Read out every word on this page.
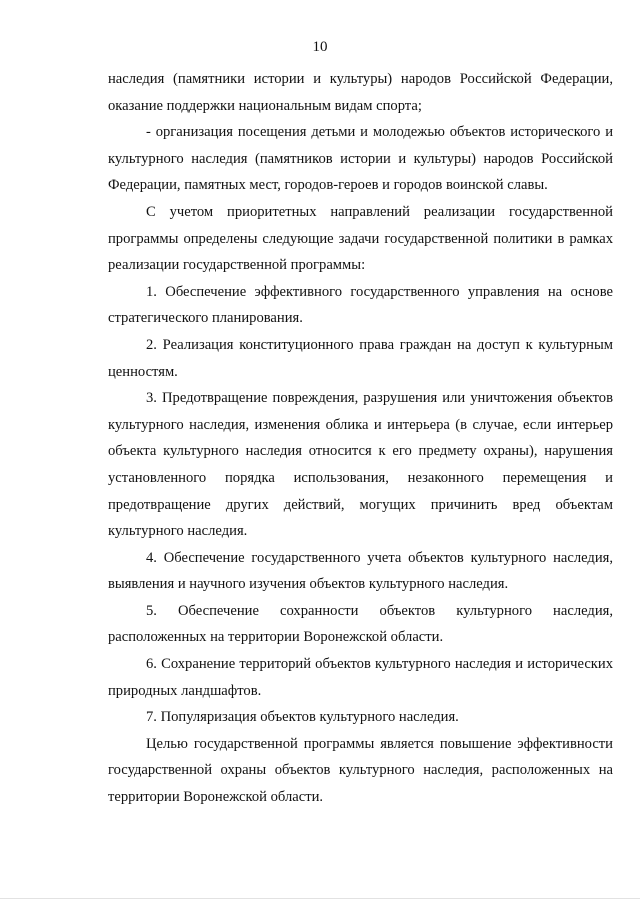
10

наследия (памятники истории и культуры) народов Российской Федерации, оказание поддержки национальным видам спорта;

- организация посещения детьми и молодежью объектов исторического и культурного наследия (памятников истории и культуры) народов Российской Федерации, памятных мест, городов-героев и городов воинской славы.

С учетом приоритетных направлений реализации государственной программы определены следующие задачи государственной политики в рамках реализации государственной программы:

1. Обеспечение эффективного государственного управления на основе стратегического планирования.

2. Реализация конституционного права граждан на доступ к культурным ценностям.

3. Предотвращение повреждения, разрушения или уничтожения объектов культурного наследия, изменения облика и интерьера (в случае, если интерьер объекта культурного наследия относится к его предмету охраны), нарушения установленного порядка использования, незаконного перемещения и предотвращение других действий, могущих причинить вред объектам культурного наследия.

4. Обеспечение государственного учета объектов культурного наследия, выявления и научного изучения объектов культурного наследия.

5. Обеспечение сохранности объектов культурного наследия, расположенных на территории Воронежской области.

6. Сохранение территорий объектов культурного наследия и исторических природных ландшафтов.

7. Популяризация объектов культурного наследия.

Целью государственной программы является повышение эффективности государственной охраны объектов культурного наследия, расположенных на территории Воронежской области.
